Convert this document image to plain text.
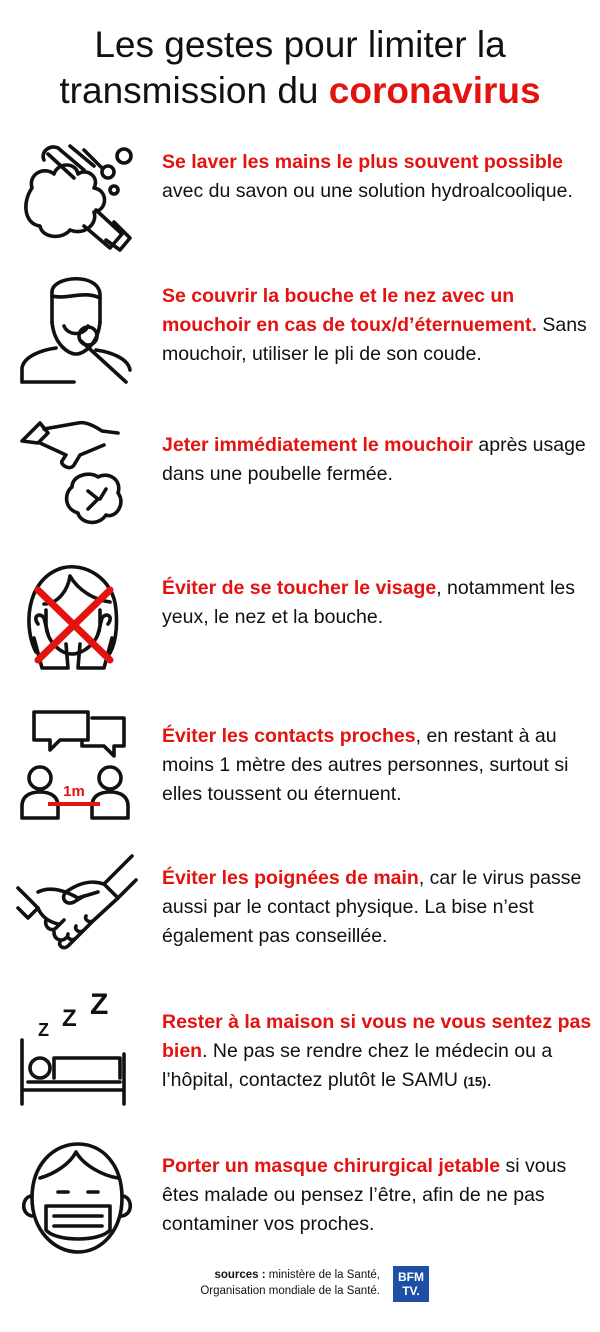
Les gestes pour limiter la
transmission du coronavirus
Se laver les mains le plus souvent possible avec du savon ou une solution hydroalcoolique.
Se couvrir la bouche et le nez avec un mouchoir en cas de toux/d’éternuement. Sans mouchoir, utiliser le pli de son coude.
Jeter immédiatement le mouchoir après usage dans une poubelle fermée.
Éviter de se toucher le visage, notamment les yeux, le nez et la bouche.
1m
Éviter les contacts proches, en restant à au moins 1 mètre des autres personnes, surtout si elles toussent ou éternuent.
Éviter les poignées de main, car le virus passe aussi par le contact physique. La bise n’est également pas conseillée.
Z Z Z
Rester à la maison si vous ne vous sentez pas bien. Ne pas se rendre chez le médecin ou a l’hôpital, contactez plutôt le SAMU (15).
Porter un masque chirurgical jetable si vous êtes malade ou pensez l’être, afin de ne pas contaminer vos proches.
sources : ministère de la Santé,
Organisation mondiale de la Santé.
BFM
TV.
